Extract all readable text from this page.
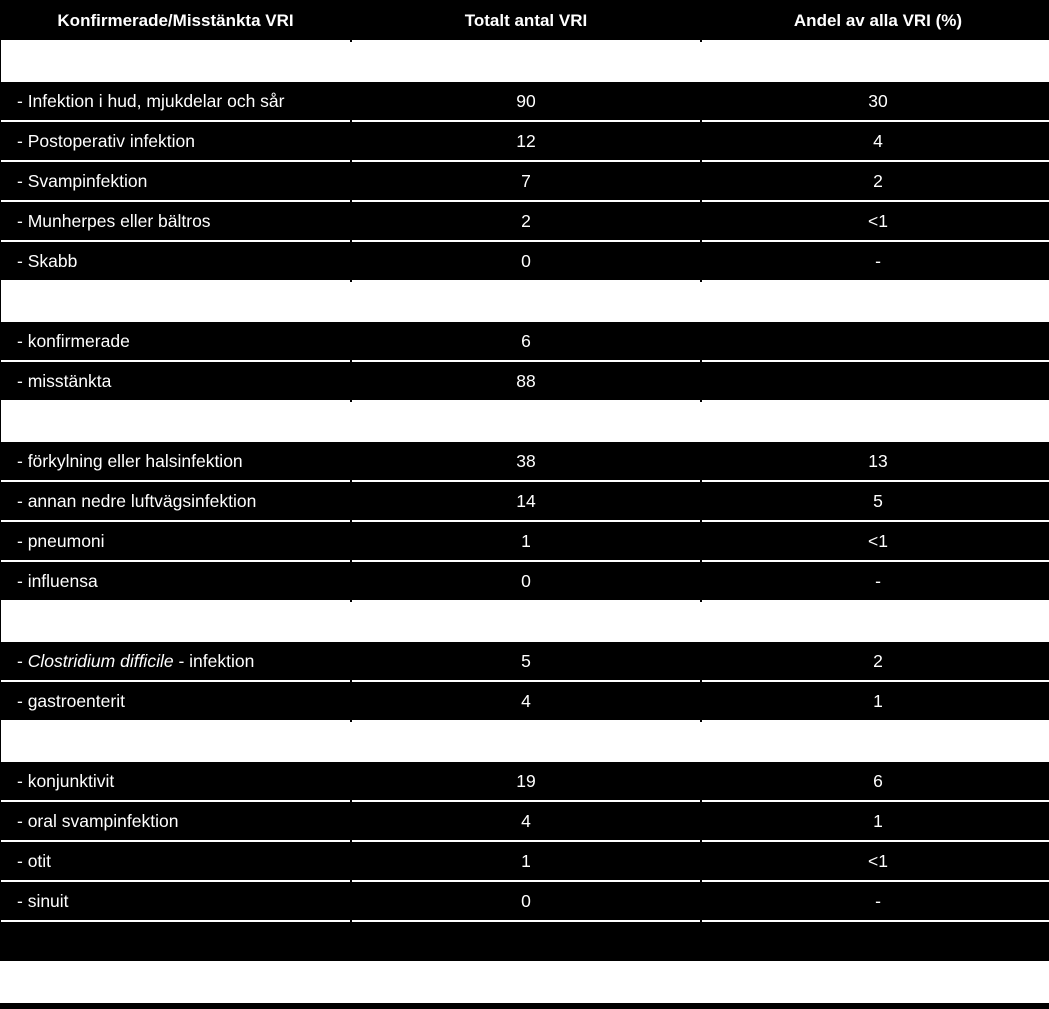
Konfirmerade/Misstänkta VRI	Totalt antal VRI	Andel av alla VRI (%)
- Infektion i hud, mjukdelar och sår	90	30
- Postoperativ infektion	12	4
- Svampinfektion	7	2
- Munherpes eller bältros	2	<1
- Skabb	0	-
- konfirmerade	6
- misstänkta	88
- förkylning eller halsinfektion	38	13
- annan nedre luftvägsinfektion	14	5
- pneumoni	1	<1
- influensa	0	-
- Clostridium difficile - infektion	5	2
- gastroenterit	4	1
- konjunktivit	19	6
- oral svampinfektion	4	1
- otit	1	<1
- sinuit	0	-
